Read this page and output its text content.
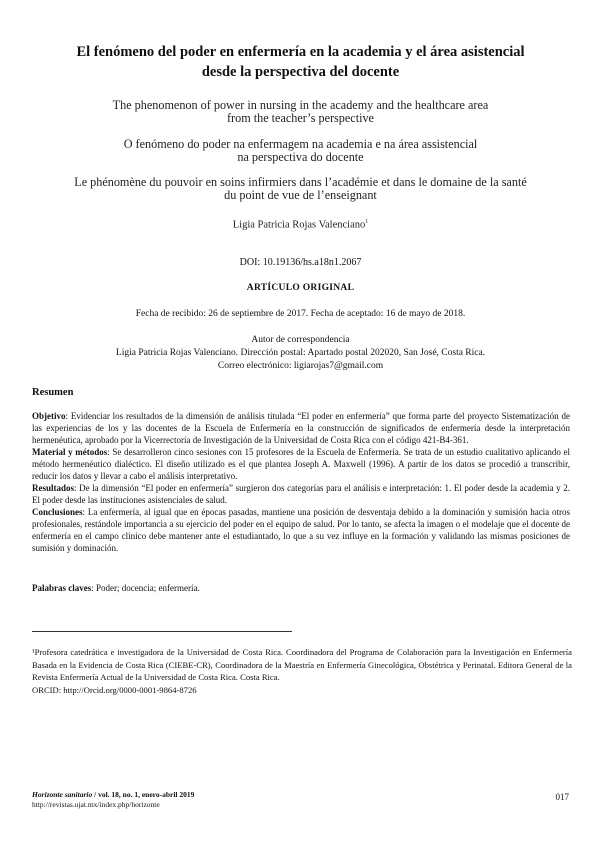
El fenómeno del poder en enfermería en la academia y el área asistencial
desde la perspectiva del docente
The phenomenon of power in nursing in the academy and the healthcare area
from the teacher’s perspective
O fenómeno do poder na enfermagem na academia e na área assistencial
na perspectiva do docente
Le phénomène du pouvoir en soins infirmiers dans l’académie et dans le domaine de la santé
du point de vue de l’enseignant
Ligia Patricia Rojas Valenciano$^1$
DOI: 10.19136/hs.a18n1.2067
ARTÍCULO ORIGINAL
Fecha de recibido: 26 de septiembre de 2017. Fecha de aceptado: 16 de mayo de 2018.
Autor de correspondencia
Ligia Patricia Rojas Valenciano. Dirección postal: Apartado postal 202020, San José, Costa Rica.
Correo electrónico: ligiarojas7@gmail.com
Resumen

Objetivo: Evidenciar los resultados de la dimensión de análisis titulada “El poder en enfermería” que forma parte del proyecto Sistematización de las experiencias de los y las docentes de la Escuela de Enfermería en la construcción de significados de enfermería desde la interpretación hermenéutica, aprobado por la Vicerrectoría de Investigación de la Universidad de Costa Rica con el código 421-B4-361.

Material y métodos: Se desarrolleron cinco sesiones con 15 profesores de la Escuela de Enfermería. Se trata de un estudio cualitativo aplicando el método hermenéutico dialéctico. El diseño utilizado es el que plantea Joseph A. Maxwell (1996). A partir de los datos se procedió a transcribir, reducir los datos y llevar a cabo el análisis interpretativo.

Resultados: De la dimensión “El poder en enfermería” surgieron dos categorías para el análisis e interpretación: 1. El poder desde la academia y 2. El poder desde las instituciones asistenciales de salud.

Conclusiones: La enfermería, al igual que en épocas pasadas, mantiene una posición de desventaja debido a la dominación y sumisión hacia otros profesionales, restándole importancia a su ejercicio del poder en el equipo de salud. Por lo tanto, se afecta la imagen o el modelaje que el docente de enfermería en el campo clínico debe mantener ante el estudiantado, lo que a su vez influye en la formación y validando las mismas posiciones de sumisión y dominación.

Palabras claves: Poder; docencia; enfermería.

¹Profesora catedrática e investigadora de la Universidad de Costa Rica. Coordinadora del Programa de Colaboración para la Investigación en Enfermería Basada en la Evidencia de Costa Rica (CIEBE-CR), Coordinadora de la Maestría en Enfermería Ginecológica, Obstétrica y Perinatal. Editora General de la Revista Enfermería Actual de la Universidad de Costa Rica. Costa Rica.

ORCID: http://Orcid.org/0000-0001-9864-8726

Horizonte sanitario / vol. 18, no. 1, enero-abril 2019
http://revistas.ujat.mx/index.php/horizonte
017
